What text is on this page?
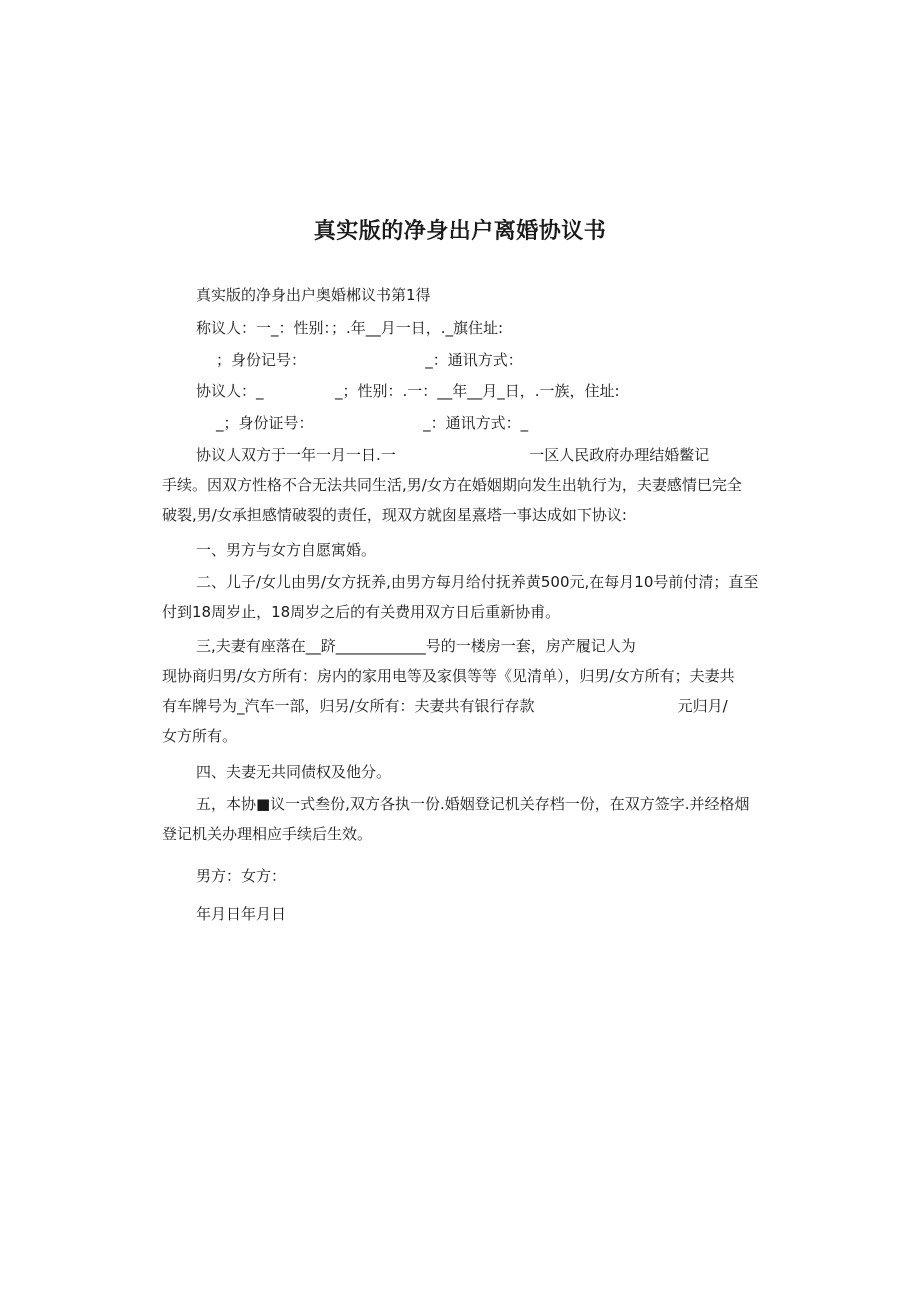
真实版的净身出户离婚协议书
真实版的净身出户奥婚郴议书第1得
称议人：一_：性别：；.年__月一日，._旗住址:
；身份记号：                         _：通讯方式：
协议人：_               _；性别：.一：__年__月_日，.一族，住址:
_；身份证号：                       _：通讯方式：_
协议人双方于一年一月一日.一                            一区人民政府办理结婚鳖记
手续。因双方性格不合无法共同生活,男/女方在婚姻期向发生出轨行为，夫妻感情巳完全
破裂,男/女承担感情破裂的责任，现双方就囱星熹塔一事达成如下协议:
一、男方与女方自愿寓婚。
二、儿子/女儿由男/女方抚养,由男方每月给付抚养黄500元,在每月10号前付清；直至
付到18周岁止，18周岁之后的有关费用双方日后重新协甫。
三,夫妻有座落在__跻____________号的一楼房一套，房产履记人为
现协商归男/女方所有：房内的家用电等及家俱等等《见清单），归男/女方所有；夫妻共
有车牌号为_汽车一部，归另/女所有：夫妻共有银行存款                              元归月/
女方所有。
四、夫妻无共同债权及他分。
五，本协■议一式叁份,双方各执一份.婚姻登记机关存档一份，在双方签字.并经格烟
登记机关办理相应手续后生效。
男方：女方：
年月日年月日
